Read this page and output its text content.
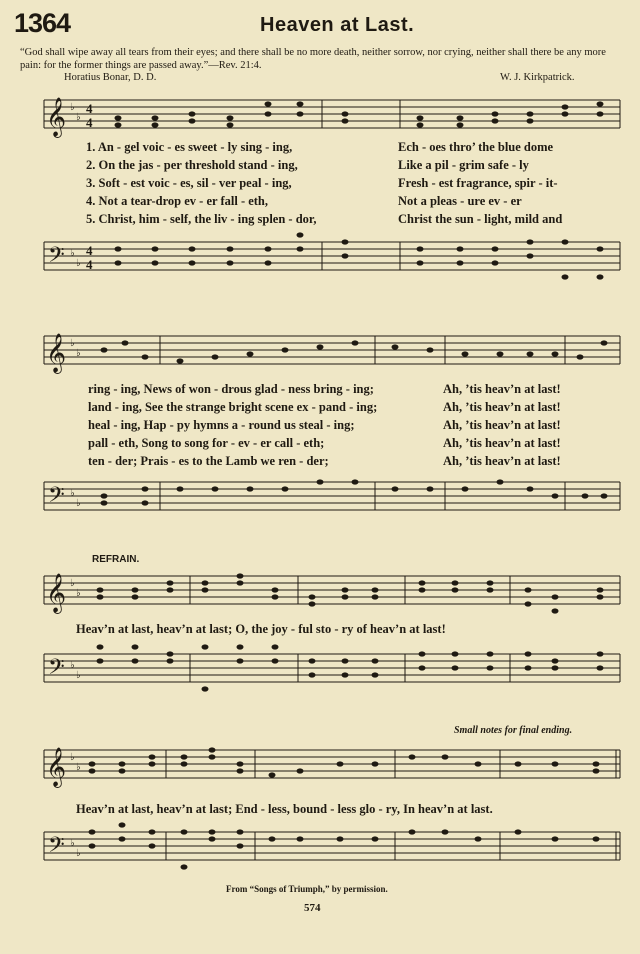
1364	Heaven at Last.
“God shall wipe away all tears from their eyes; and there shall be no more death, neither sorrow, nor crying, neither shall there be any more pain: for the former things are passed away.”—Rev. 21:4.
Horatius Bonar, D. D.	W. J. Kirkpatrick.
𝄞 ♭
♭
4
4
1. An - gel voic - es sweet - ly sing - ing,	Ech - oes thro’ the blue dome
2. On the jas - per threshold stand - ing,	Like a pil - grim safe - ly
3. Soft - est voic - es, sil - ver peal - ing,	Fresh - est fragrance, spir - it-
4. Not a tear-drop ev - er fall - eth,	Not a pleas - ure ev - er
5. Christ, him - self, the liv - ing splen - dor,	Christ the sun - light, mild and
𝄢 ♭
♭
4
4
𝄞 ♭
♭
ring - ing, News of won - drous glad - ness bring - ing;	Ah, ’tis heav’n at last!
land - ing, See the strange bright scene ex - pand - ing;	Ah, ’tis heav’n at last!
heal - ing, Hap - py hymns a - round us steal - ing;	Ah, ’tis heav’n at last!
pall - eth, Song to song for - ev - er call - eth;	Ah, ’tis heav’n at last!
ten - der; Prais - es to the Lamb we ren - der;	Ah, ’tis heav’n at last!
𝄢 ♭
♭
REFRAIN.
𝄞 ♭
♭
Heav’n at last, heav’n at last; O, the joy - ful sto - ry of heav’n at last!
𝄢 ♭
♭
Small notes for final ending.
𝄞 ♭
♭
Heav’n at last, heav’n at last; End - less, bound - less glo - ry, In heav’n at last.
𝄢 ♭
♭
From “Songs of Triumph,” by permission.
574
